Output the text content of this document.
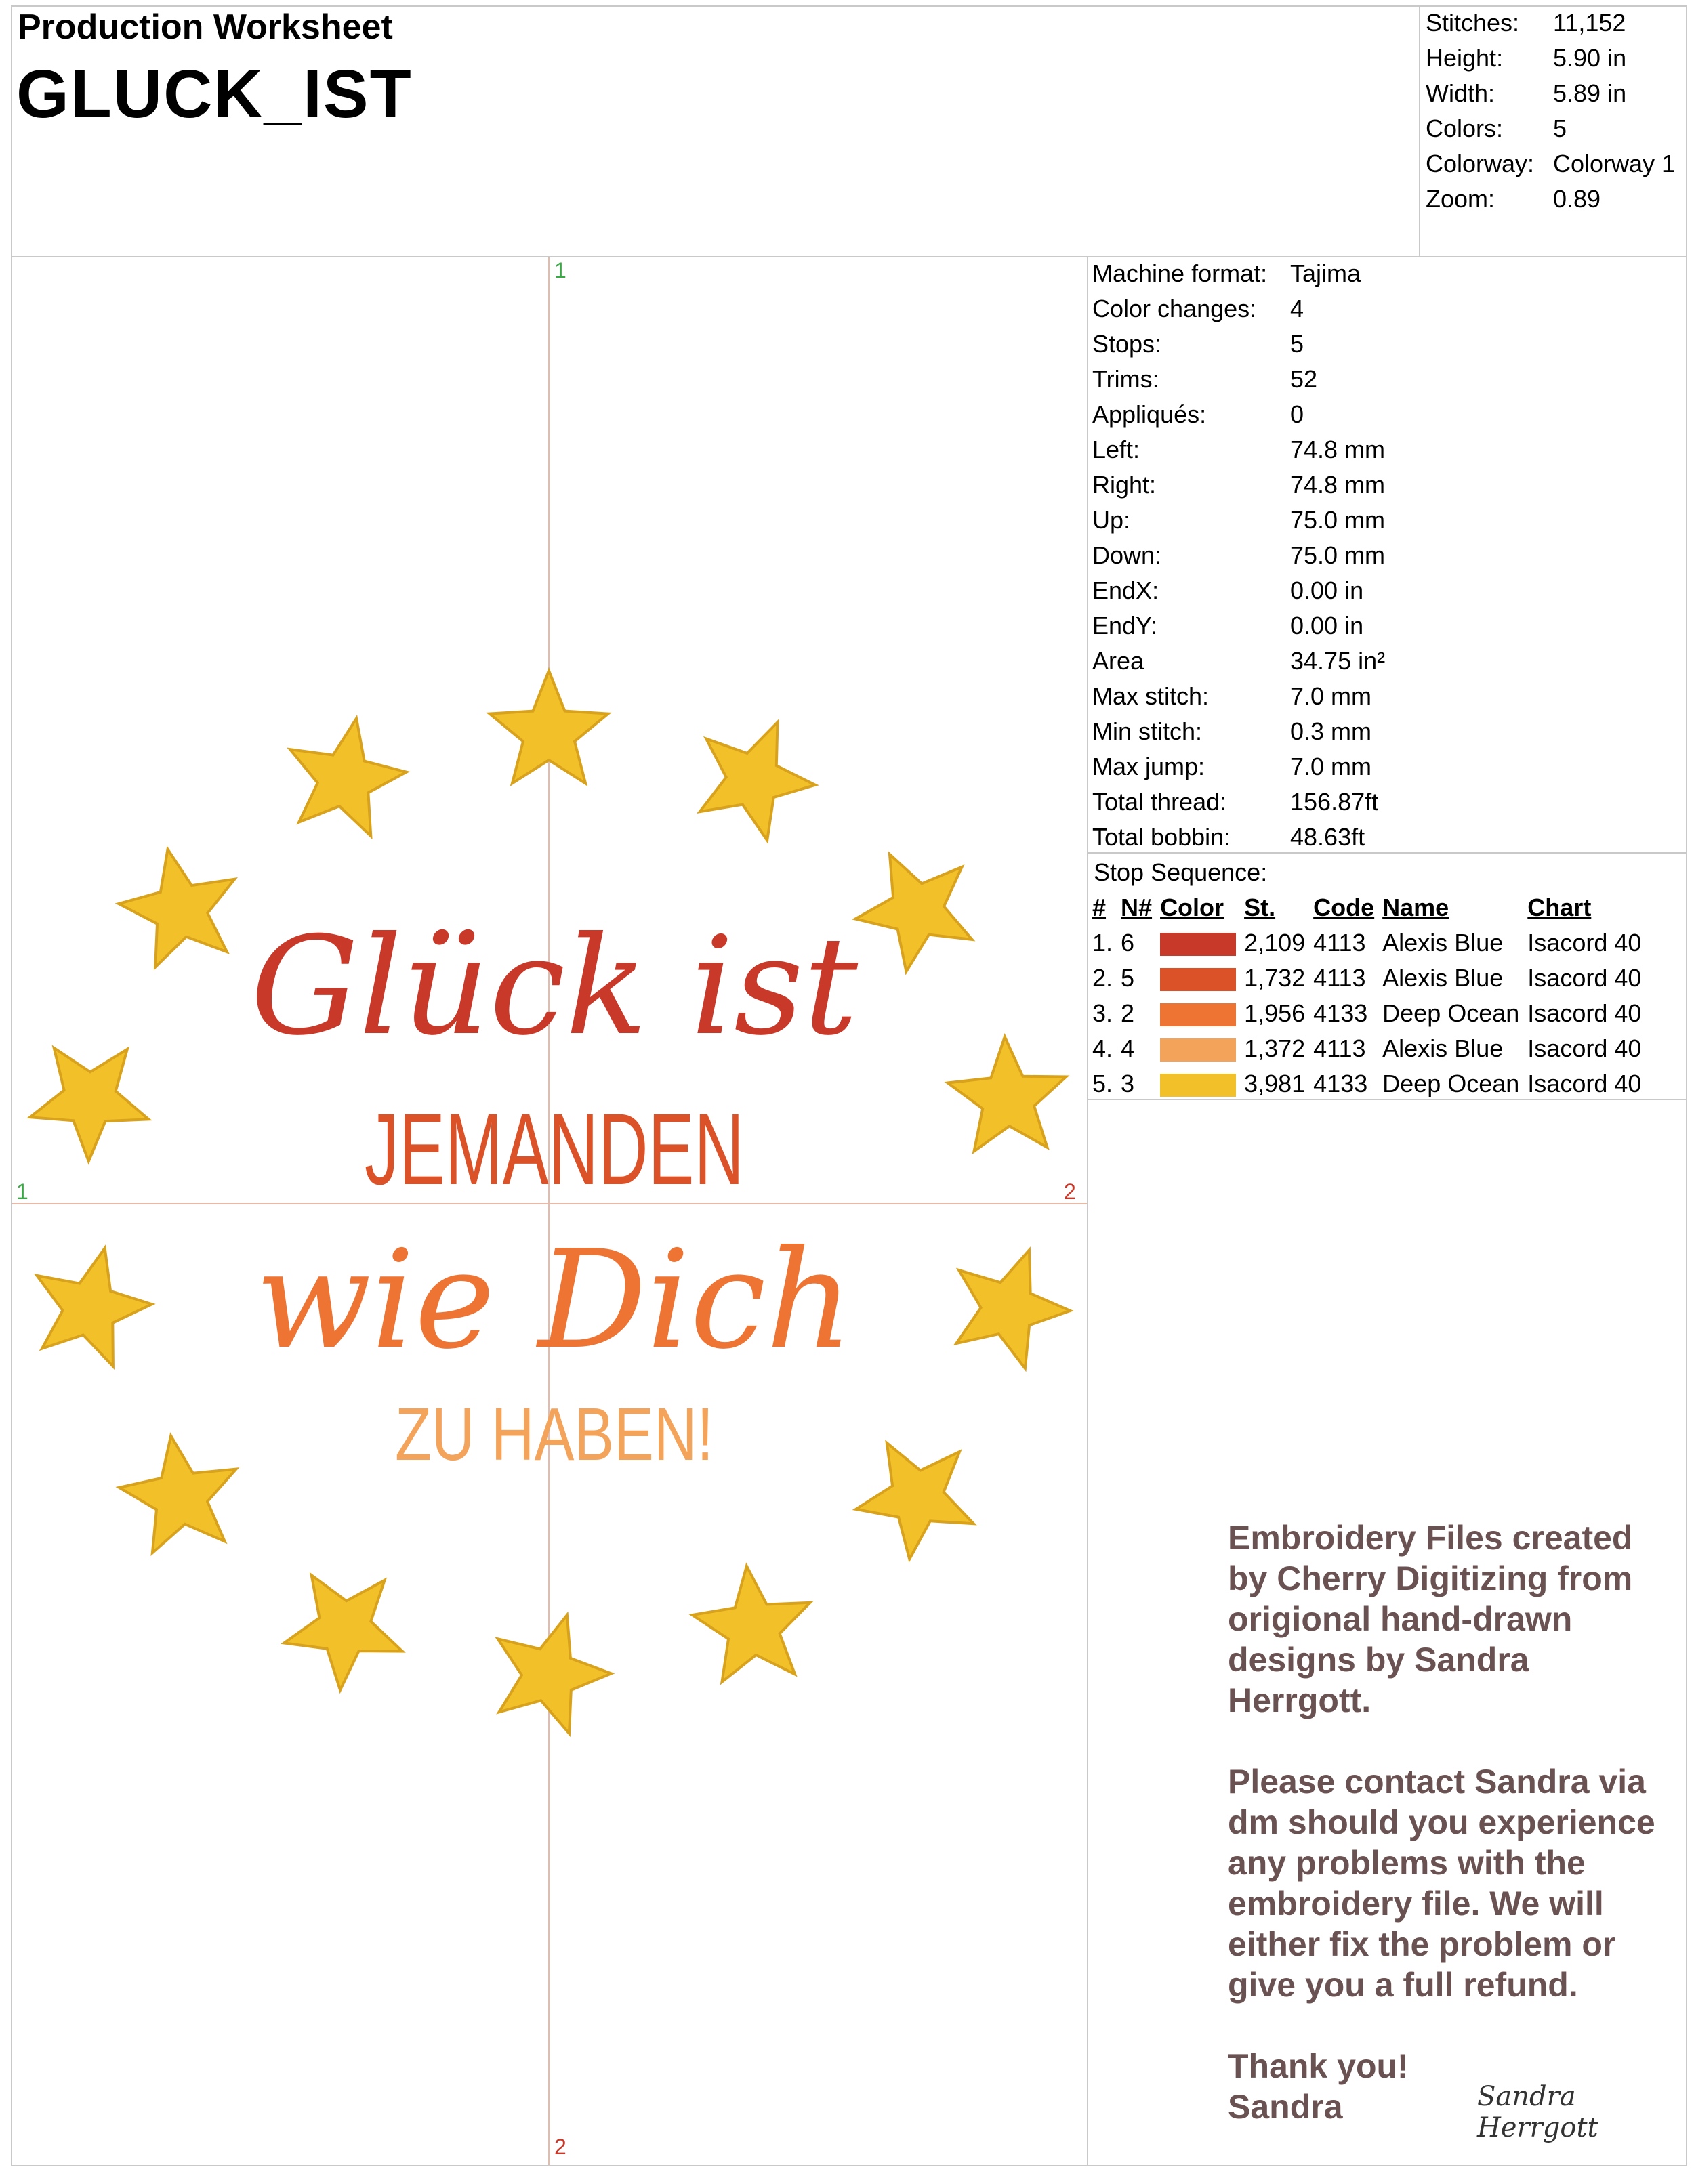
Production Worksheet
GLUCK_IST
Stitches:	11,152
Height:	5.90 in
Width:	5.89 in
Colors:	5
Colorway: Colorway 1
Zoom:	0.89
Machine format: Tajima
Color changes:	4
Stops:	5
Trims:	52
Appliqués:	0
Left:	74.8 mm
Right:	74.8 mm
Up:	75.0 mm
Down:	75.0 mm
EndX:	0.00 in
EndY:	0.00 in
Area	34.75 in²
Max stitch:	7.0 mm
Min stitch:	0.3 mm
Max jump:	7.0 mm
Total thread:	156.87ft
Total bobbin:	48.63ft
Stop Sequence:
#	N#	Color	St.	Code	Name	Chart
1.	6		2,109	4113	Alexis Blue	Isacord 40
2.	5		1,732	4113	Alexis Blue	Isacord 40
3.	2		1,956	4133	Deep Ocean	Isacord 40
4.	4		1,372	4113	Alexis Blue	Isacord 40
5.	3		3,981	4133	Deep Ocean	Isacord 40
1
2
1	2
Glück ist
JEMANDEN
wie Dich
ZU HABEN!

Embroidery Files created by Cherry Digitizing from origional hand-drawn designs by Sandra Herrgott.

Please contact Sandra via dm should you experience any problems with the embroidery file. We will either fix the problem or give you a full refund.

Thank you!
Sandra	Sandra Herrgott
